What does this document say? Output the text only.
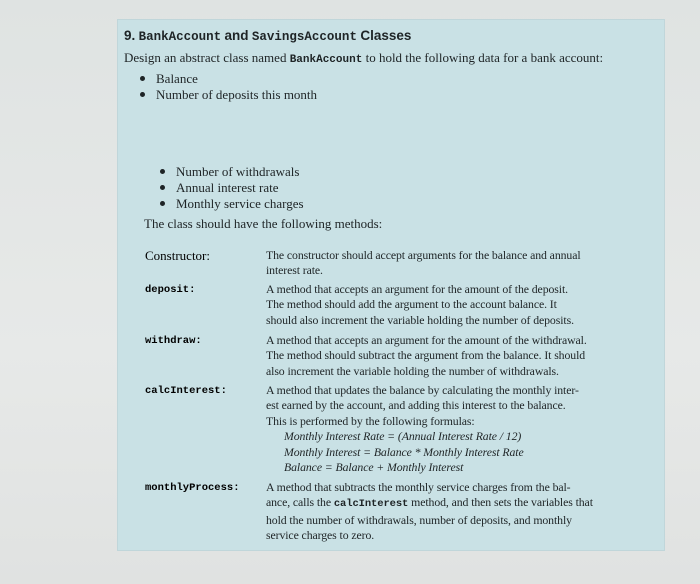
9. BankAccount and SavingsAccount Classes
Design an abstract class named BankAccount to hold the following data for a bank account:
Balance
Number of deposits this month
Number of withdrawals
Annual interest rate
Monthly service charges
The class should have the following methods:
Constructor:	The constructor should accept arguments for the balance and annual
interest rate.
deposit:	A method that accepts an argument for the amount of the deposit.
The method should add the argument to the account balance. It
should also increment the variable holding the number of deposits.
withdraw:	A method that accepts an argument for the amount of the withdrawal.
The method should subtract the argument from the balance. It should
also increment the variable holding the number of withdrawals.
calcInterest:	A method that updates the balance by calculating the monthly inter-
est earned by the account, and adding this interest to the balance.
This is performed by the following formulas:
Monthly Interest Rate = (Annual Interest Rate / 12)
Monthly Interest = Balance * Monthly Interest Rate
Balance = Balance + Monthly Interest
monthlyProcess: A method that subtracts the monthly service charges from the bal-
ance, calls the calcInterest method, and then sets the variables that
hold the number of withdrawals, number of deposits, and monthly
service charges to zero.
